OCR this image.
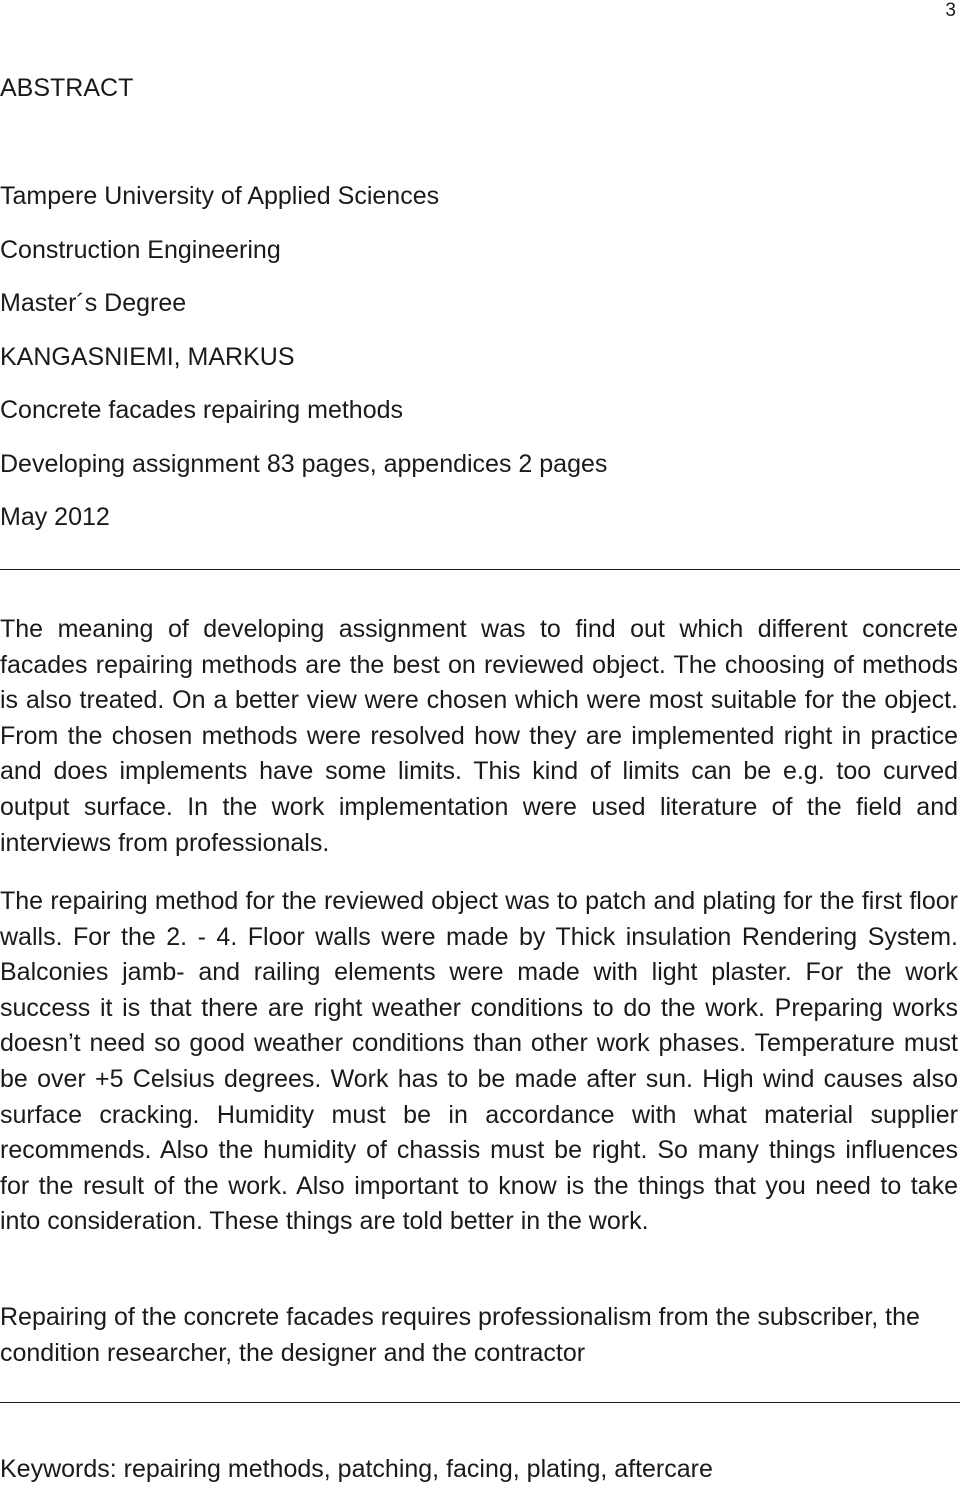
3
ABSTRACT
Tampere University of Applied Sciences
Construction Engineering
Master´s Degree
KANGASNIEMI, MARKUS
Concrete facades repairing methods
Developing assignment 83 pages, appendices 2 pages
May 2012

The meaning of developing assignment was to find out which different concrete facades repairing methods are the best on reviewed object. The choosing of methods is also treated. On a better view were chosen which were most suitable for the object. From the chosen methods were resolved how they are implemented right in practice and does implements have some limits. This kind of limits can be e.g. too curved output surface. In the work implementation were used literature of the field and interviews from professionals.

The repairing method for the reviewed object was to patch and plating for the first floor walls. For the 2. - 4. Floor walls were made by Thick insulation Rendering System. Balconies jamb- and railing elements were made with light plaster. For the work success it is that there are right weather conditions to do the work. Preparing works doesn’t need so good weather conditions than other work phases. Temperature must be over +5 Celsius degrees. Work has to be made after sun. High wind causes also surface cracking. Humidity must be in accordance with what material supplier recommends. Also the humidity of chassis must be right. So many things influences for the result of the work. Also important to know is the things that you need to take into consideration. These things are told better in the work.

Repairing of the concrete facades requires professionalism from the subscriber, the condition researcher, the designer and the contractor

Keywords: repairing methods, patching, facing, plating, aftercare
